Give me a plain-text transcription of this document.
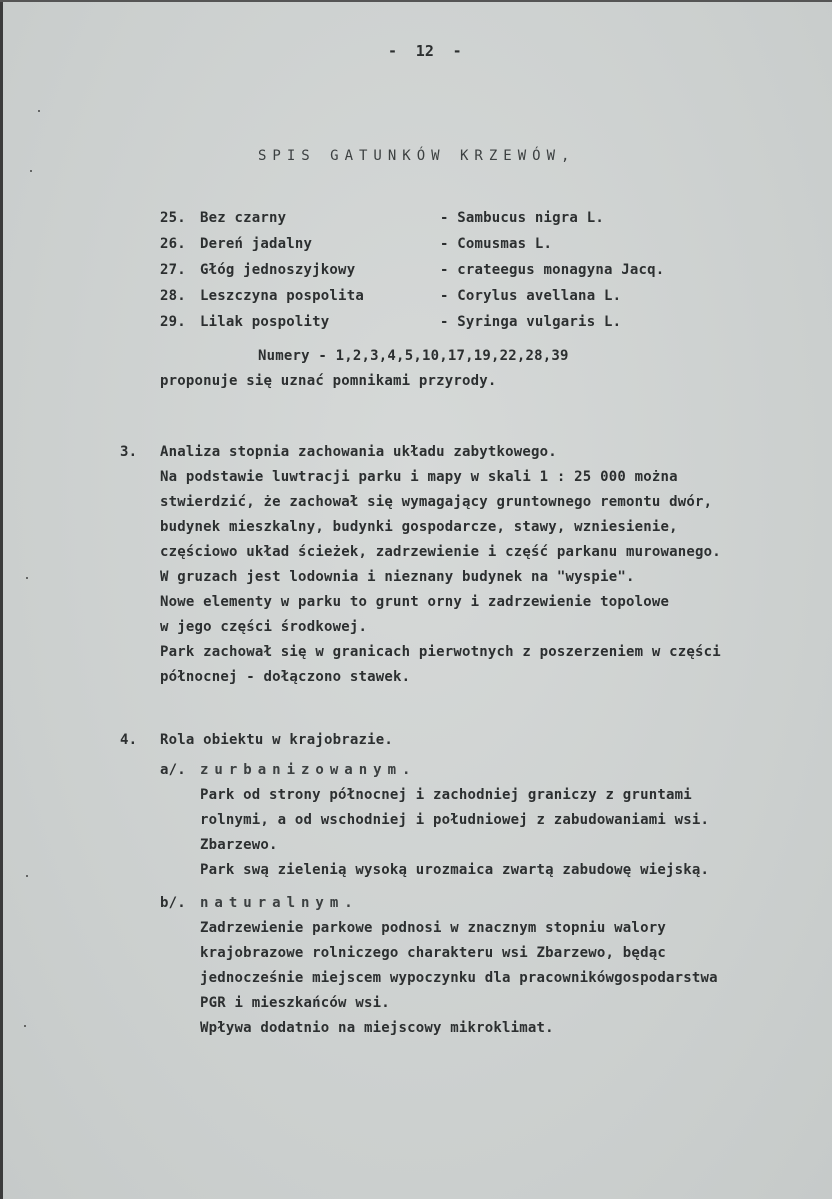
-  12  -
SPIS GATUNKÓW KRZEWÓW,
25. Bez czarny	- Sambucus nigra L.
26. Dereń jadalny	- Comusmas L.
27. Głóg jednoszyjkowy	- crateegus monagyna Jacq.
28. Leszczyna pospolita	- Corylus avellana L.
29. Lilak pospolity	- Syringa vulgaris L.
Numery - 1,2,3,4,5,10,17,19,22,28,39
proponuje się uznać pomnikami przyrody.
3. Analiza stopnia zachowania układu zabytkowego.
Na podstawie luwtracji parku i mapy w skali 1 : 25 000 można
stwierdzić, że zachował się wymagający gruntownego remontu dwór,
budynek mieszkalny, budynki gospodarcze, stawy, wzniesienie,
częściowo układ ścieżek, zadrzewienie i część parkanu murowanego.
W gruzach jest lodownia i nieznany budynek na "wyspie".
Nowe elementy w parku to grunt orny i zadrzewienie topolowe
w jego części środkowej.
Park zachował się w granicach pierwotnych z poszerzeniem w części
północnej - dołączono stawek.
4. Rola obiektu w krajobrazie.
a/. zurbanizowanym.
Park od strony północnej i zachodniej graniczy z gruntami
rolnymi, a od wschodniej i południowej z zabudowaniami wsi.
Zbarzewo.
Park swą zielenią wysoką urozmaica zwartą zabudowę wiejską.
b/. naturalnym.
Zadrzewienie parkowe podnosi w znacznym stopniu walory
krajobrazowe rolniczego charakteru wsi Zbarzewo, będąc
jednocześnie miejscem wypoczynku dla pracownikówgospodarstwa
PGR i mieszkańców wsi.
Wpływa dodatnio na miejscowy mikroklimat.
